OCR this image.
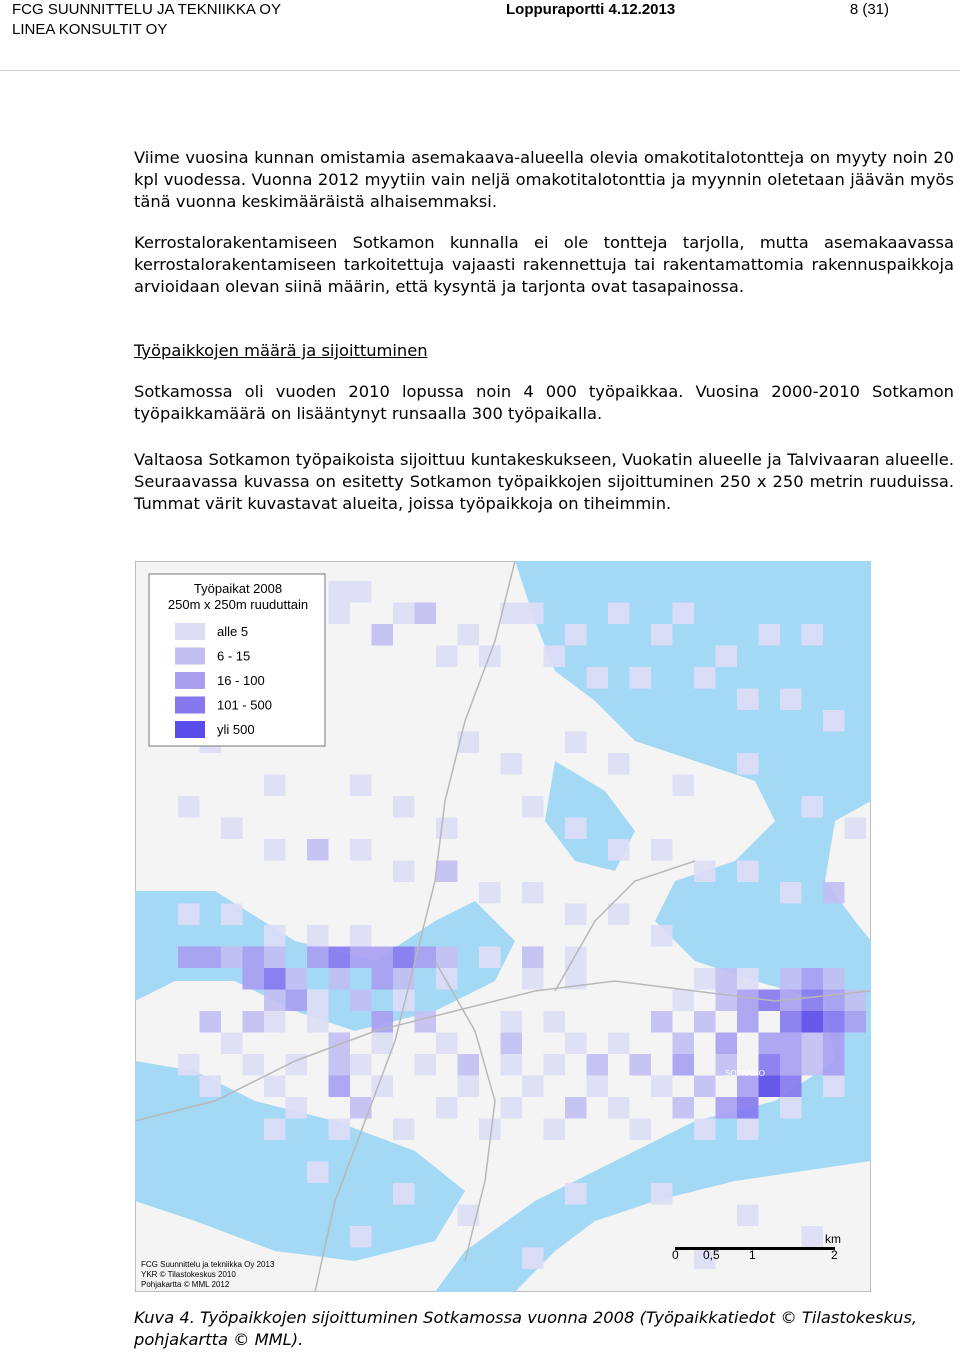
FCG SUUNNITTELU JA TEKNIIKKA OY
LINEA KONSULTIT OY
Loppuraportti 4.12.2013	8 (31)

Viime vuosina kunnan omistamia asemakaava-alueella olevia omakotitalotontteja on myyty noin 20 kpl vuodessa. Vuonna 2012 myytiin vain neljä omakotitalotonttia ja myynnin oletetaan jäävän myös tänä vuonna keskimääräistä alhaisemmaksi.

Kerrostalorakentamiseen Sotkamon kunnalla ei ole tontteja tarjolla, mutta asemakaavassa kerrostalorakentamiseen tarkoitettuja vajaasti rakennettuja tai rakentamattomia rakennuspaikkoja arvioidaan olevan siinä määrin, että kysyntä ja tarjonta ovat tasapainossa.

Työpaikkojen määrä ja sijoittuminen

Sotkamossa oli vuoden 2010 lopussa noin 4 000 työpaikkaa. Vuosina 2000-2010 Sotkamon työpaikkamäärä on lisääntynyt runsaalla 300 työpaikalla.

Valtaosa Sotkamon työpaikoista sijoittuu kuntakeskukseen, Vuokatin alueelle ja Talvivaaran alueelle. Seuraavassa kuvassa on esitetty Sotkamon työpaikkojen sijoittuminen 250 x 250 metrin ruuduissa. Tummat värit kuvastavat alueita, joissa työpaikkoja on tiheimmin.

SOTKAMO
Työpaikat 2008
250m x 250m ruuduttain
alle 5
6 - 15
16 - 100
101 - 500
yli 500
FCG Suunnittelu ja tekniikka Oy 2013
YKR © Tilastokeskus 2010
Pohjakartta © MML 2012
km
0 0,5 1	2

Kuva 4. Työpaikkojen sijoittuminen Sotkamossa vuonna 2008 (Työpaikkatiedot © Tilastokeskus, pohjakartta © MML).
